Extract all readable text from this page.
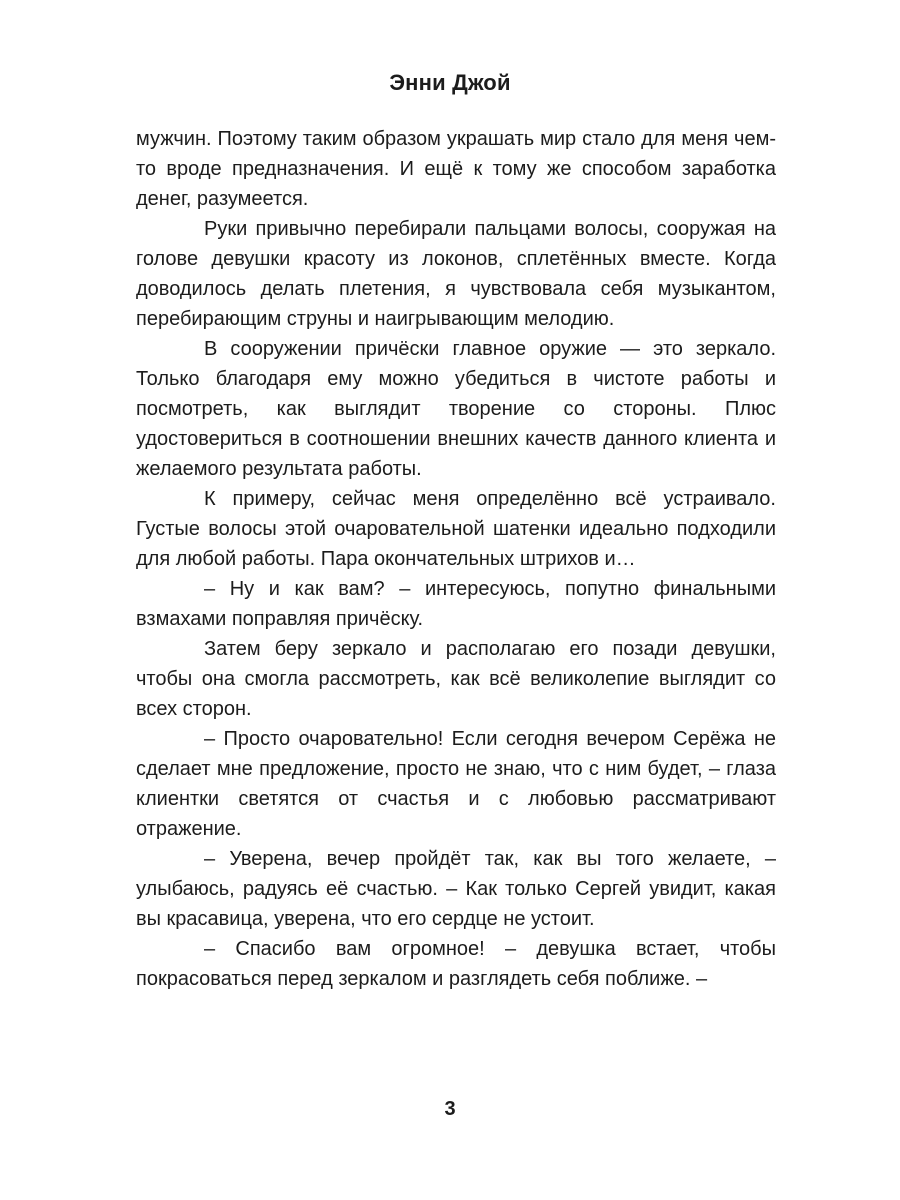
Энни Джой

мужчин. Поэтому таким образом украшать мир стало для меня чем-то вроде предназначения. И ещё к тому же способом заработка денег, разумеется.

Руки привычно перебирали пальцами волосы, сооружая на голове девушки красоту из локонов, сплетённых вместе. Когда доводилось делать плетения, я чувствовала себя музыкантом, перебирающим струны и наигрывающим мелодию.

В сооружении причёски главное оружие — это зеркало. Только благодаря ему можно убедиться в чистоте работы и посмотреть, как выглядит творение со стороны. Плюс удостовериться в соотношении внешних качеств данного клиента и желаемого результата работы.

К примеру, сейчас меня определённо всё устраивало. Густые волосы этой очаровательной шатенки идеально подходили для любой работы. Пара окончательных штрихов и…

– Ну и как вам? – интересуюсь, попутно финальными взмахами поправляя причёску.

Затем беру зеркало и располагаю его позади девушки, чтобы она смогла рассмотреть, как всё великолепие выглядит со всех сторон.

– Просто очаровательно! Если сегодня вечером Серёжа не сделает мне предложение, просто не знаю, что с ним будет, – глаза клиентки светятся от счастья и с любовью рассматривают отражение.

– Уверена, вечер пройдёт так, как вы того желаете, – улыбаюсь, радуясь её счастью. – Как только Сергей увидит, какая вы красавица, уверена, что его сердце не устоит.

– Спасибо вам огромное! – девушка встает, чтобы покрасоваться перед зеркалом и разглядеть себя поближе. –

3
